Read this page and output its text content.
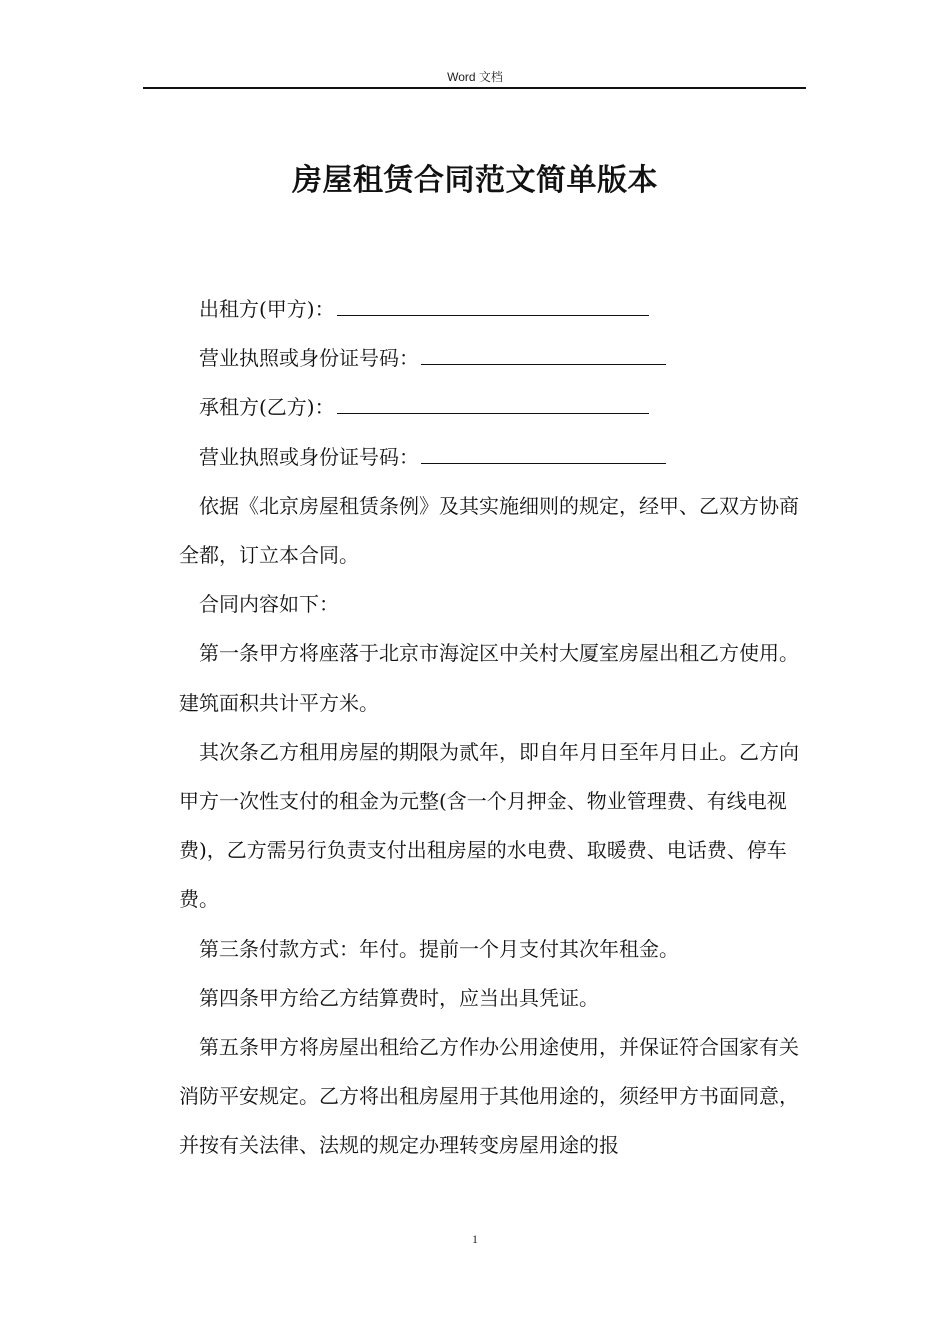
Word 文档
房屋租赁合同范文简单版本

出租方(甲方)：

营业执照或身份证号码：

承租方(乙方)：

营业执照或身份证号码：

依据《北京房屋租赁条例》及其实施细则的规定，经甲、乙双方协商全都，订立本合同。

合同内容如下：

第一条甲方将座落于北京市海淀区中关村大厦室房屋出租乙方使用。建筑面积共计平方米。

其次条乙方租用房屋的期限为贰年，即自年月日至年月日止。乙方向甲方一次性支付的租金为元整(含一个月押金、物业管理费、有线电视费)，乙方需另行负责支付出租房屋的水电费、取暖费、电话费、停车费。

第三条付款方式：年付。提前一个月支付其次年租金。

第四条甲方给乙方结算费时，应当出具凭证。

第五条甲方将房屋出租给乙方作办公用途使用，并保证符合国家有关消防平安规定。乙方将出租房屋用于其他用途的，须经甲方书面同意，并按有关法律、法规的规定办理转变房屋用途的报

1
